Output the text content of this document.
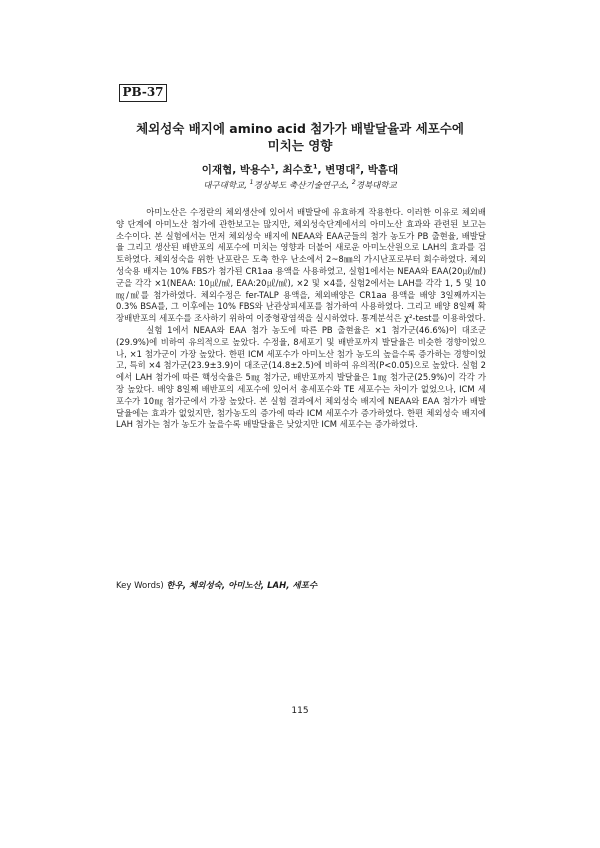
PB-37
체외성숙 배지에 amino acid 첨가가 배발달율과 세포수에
미치는 영향
이재협, 박용수$^1$, 최수호$^1$, 변명대$^2$, 박흠대
대구대학교, $^1$경상북도 축산기술연구소, $^2$경북대학교

아미노산은 수정란의 체외생산에 있어서 배발달에 유효하게 작용한다. 이러한 이유로 체외배양 단계에 아미노산 첨가에 관한보고는 많지만, 체외성숙단계에서의 아미노산 효과와 관련된 보고는 소수이다. 본 실험에서는 먼저 체외성숙 배지에 NEAA와 EAA군들의 첨가 농도가 PB 출현율, 배발달율 그리고 생산된 배반포의 세포수에 미치는 영향과 더불어 새로운 아미노산원으로 LAH의 효과를 검토하였다. 체외성숙을 위한 난포란은 도축 한우 난소에서 2~8㎜의 가시난포로부터 회수하였다. 체외성숙용 배지는 10% FBS가 첨가된 CR1aa 용액을 사용하였고, 실험1에서는 NEAA와 EAA(20㎕/㎖)군을 각각 ×1(NEAA: 10㎕/㎖, EAA:20㎕/㎖), ×2 및 ×4를, 실험2에서는 LAH를 각각 1, 5 및 10 ㎎/㎖를 첨가하였다. 체외수정은 fer-TALP 용액을, 체외배양은 CR1aa 용액을 배양 3일째까지는 0.3% BSA를, 그 이후에는 10% FBS와 난관상피세포를 첨가하여 사용하였다. 그리고 배양 8일째 확장배반포의 세포수를 조사하기 위하여 이중형광염색을 실시하였다. 통계분석은 χ²-test를 이용하였다.

실험 1에서 NEAA와 EAA 첨가 농도에 따른 PB 출현율은 ×1 첨가군(46.6%)이 대조군(29.9%)에 비하여 유의적으로 높았다. 수정율, 8세포기 및 배반포까지 발달율은 비슷한 경향이었으나, ×1 첨가군이 가장 높았다. 한편 ICM 세포수가 아미노산 첨가 농도의 높을수록 증가하는 경향이었고, 특히 ×4 첨가군(23.9±3.9)이 대조군(14.8±2.5)에 비하여 유의적(P<0.05)으로 높았다. 실험 2에서 LAH 첨가에 따른 핵성숙율은 5㎎ 첨가군, 배반포까지 발달율은 1㎎ 첨가군(25.9%)이 각각 가장 높았다. 배양 8일째 배반포의 세포수에 있어서 총세포수와 TE 세포수는 차이가 없었으나, ICM 세포수가 10㎎ 첨가군에서 가장 높았다. 본 실험 결과에서 체외성숙 배지에 NEAA와 EAA 첨가가 배발달율에는 효과가 없었지만, 첨가농도의 증가에 따라 ICM 세포수가 증가하였다. 한편 체외성숙 배지에 LAH 첨가는 첨가 농도가 높을수록 배발달율은 낮았지만 ICM 세포수는 증가하였다.

Key Words) 한우, 체외성숙, 아미노산, LAH, 세포수
115
